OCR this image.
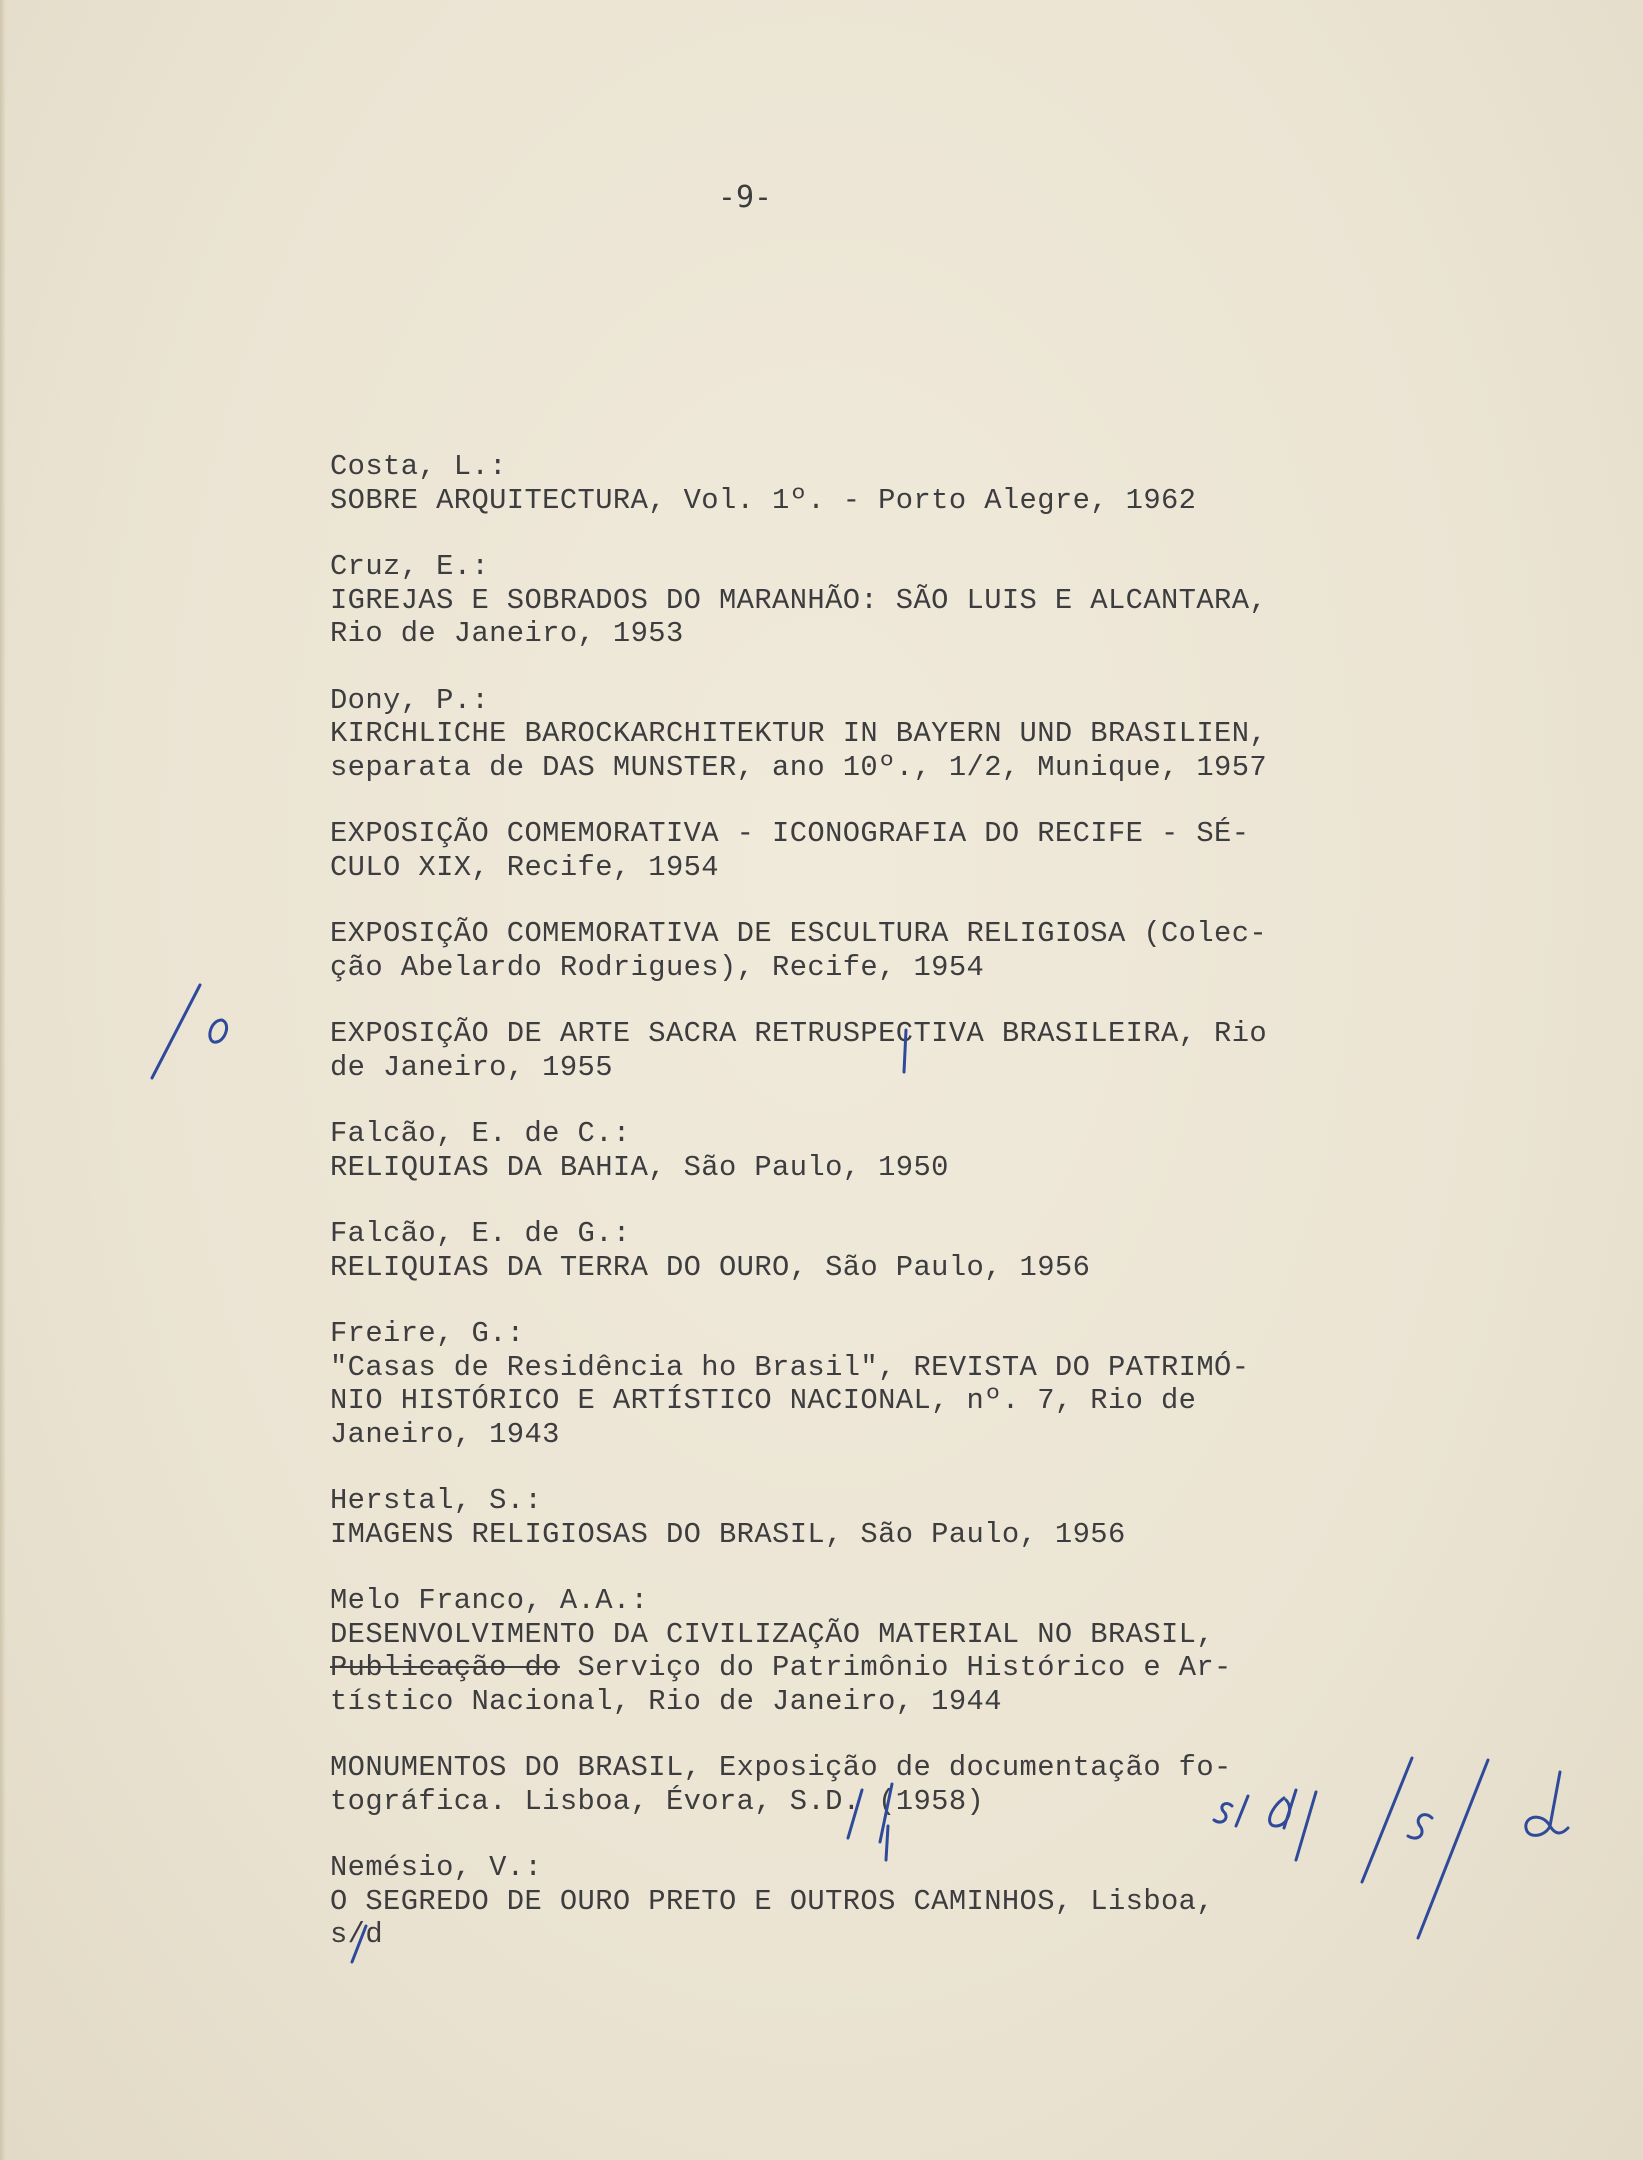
-9-
Costa, L.:
SOBRE ARQUITECTURA, Vol. 1º. - Porto Alegre, 1962
Cruz, E.:
IGREJAS E SOBRADOS DO MARANHÃO: SÃO LUIS E ALCANTARA,
Rio de Janeiro, 1953
Dony, P.:
KIRCHLICHE BAROCKARCHITEKTUR IN BAYERN UND BRASILIEN,
separata de DAS MUNSTER, ano 10º., 1/2, Munique, 1957
EXPOSIÇÃO COMEMORATIVA - ICONOGRAFIA DO RECIFE - SÉ-
CULO XIX, Recife, 1954
EXPOSIÇÃO COMEMORATIVA DE ESCULTURA RELIGIOSA (Colec-
ção Abelardo Rodrigues), Recife, 1954
EXPOSIÇÃO DE ARTE SACRA RETRUSPECTIVA BRASILEIRA, Rio
de Janeiro, 1955
Falcão, E. de C.:
RELIQUIAS DA BAHIA, São Paulo, 1950
Falcão, E. de G.:
RELIQUIAS DA TERRA DO OURO, São Paulo, 1956
Freire, G.:
"Casas de Residência ho Brasil", REVISTA DO PATRIMÓ-
NIO HISTÓRICO E ARTÍSTICO NACIONAL, nº. 7, Rio de
Janeiro, 1943
Herstal, S.:
IMAGENS RELIGIOSAS DO BRASIL, São Paulo, 1956
Melo Franco, A.A.:
DESENVOLVIMENTO DA CIVILIZAÇÃO MATERIAL NO BRASIL,
Publicação do Serviço do Patrimônio Histórico e Ar-
tístico Nacional, Rio de Janeiro, 1944
MONUMENTOS DO BRASIL, Exposição de documentação fo-
tográfica. Lisboa, Évora, S.D. (1958)
Nemésio, V.:
O SEGREDO DE OURO PRETO E OUTROS CAMINHOS, Lisboa,
s/d
